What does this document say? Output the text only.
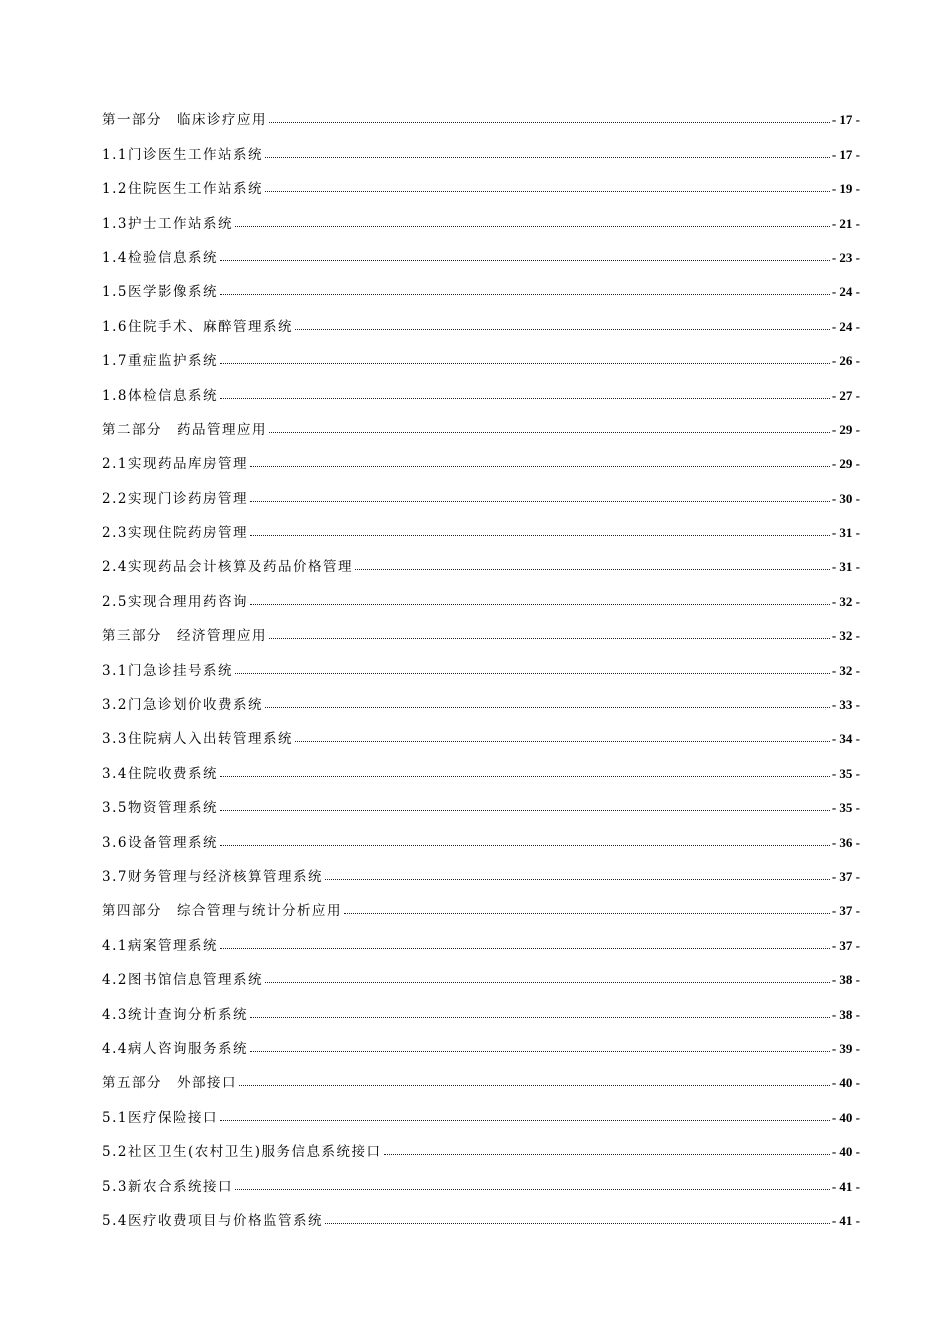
第一部分　临床诊疗应用	- 17 -
1.1门诊医生工作站系统	- 17 -
1.2住院医生工作站系统	- 19 -
1.3护士工作站系统	- 21 -
1.4检验信息系统	- 23 -
1.5医学影像系统	- 24 -
1.6住院手术、麻醉管理系统	- 24 -
1.7重症监护系统	- 26 -
1.8体检信息系统	- 27 -
第二部分　药品管理应用	- 29 -
2.1实现药品库房管理	- 29 -
2.2实现门诊药房管理	- 30 -
2.3实现住院药房管理	- 31 -
2.4实现药品会计核算及药品价格管理	- 31 -
2.5实现合理用药咨询	- 32 -
第三部分　经济管理应用	- 32 -
3.1门急诊挂号系统	- 32 -
3.2门急诊划价收费系统	- 33 -
3.3住院病人入出转管理系统	- 34 -
3.4住院收费系统	- 35 -
3.5物资管理系统	- 35 -
3.6设备管理系统	- 36 -
3.7财务管理与经济核算管理系统	- 37 -
第四部分　综合管理与统计分析应用	- 37 -
4.1病案管理系统	- 37 -
4.2图书馆信息管理系统	- 38 -
4.3统计查询分析系统	- 38 -
4.4病人咨询服务系统	- 39 -
第五部分　外部接口	- 40 -
5.1医疗保险接口	- 40 -
5.2社区卫生(农村卫生)服务信息系统接口	- 40 -
5.3新农合系统接口	- 41 -
5.4医疗收费项目与价格监管系统	- 41 -
